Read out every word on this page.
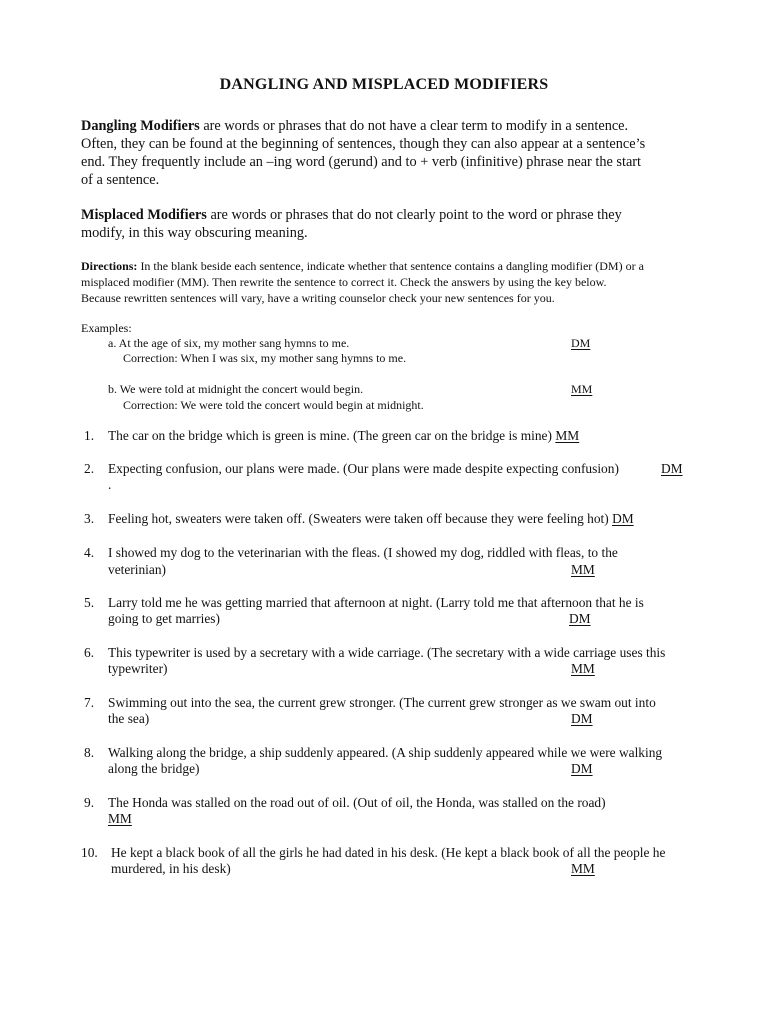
DANGLING AND MISPLACED MODIFIERS
Dangling Modifiers are words or phrases that do not have a clear term to modify in a sentence.
Often, they can be found at the beginning of sentences, though they can also appear at a sentence’s
end. They frequently include an –ing word (gerund) and to + verb (infinitive) phrase near the start
of a sentence.
Misplaced Modifiers are words or phrases that do not clearly point to the word or phrase they
modify, in this way obscuring meaning.
Directions: In the blank beside each sentence, indicate whether that sentence contains a dangling modifier (DM) or a
misplaced modifier (MM). Then rewrite the sentence to correct it. Check the answers by using the key below.
Because rewritten sentences will vary, have a writing counselor check your new sentences for you.
Examples:
a. At the age of six, my mother sang hymns to me.	DM
Correction: When I was six, my mother sang hymns to me.
b. We were told at midnight the concert would begin.	MM
Correction: We were told the concert would begin at midnight.
1. The car on the bridge which is green is mine. (The green car on the bridge is mine) MM
2. Expecting confusion, our plans were made. (Our plans were made despite expecting confusion)	DM
.
3. Feeling hot, sweaters were taken off. (Sweaters were taken off because they were feeling hot) DM
4. I showed my dog to the veterinarian with the fleas. (I showed my dog, riddled with fleas, to the
veterinian)	MM
5. Larry told me he was getting married that afternoon at night. (Larry told me that afternoon that he is
going to get marries)	DM
6. This typewriter is used by a secretary with a wide carriage. (The secretary with a wide carriage uses this
typewriter)	MM
7. Swimming out into the sea, the current grew stronger. (The current grew stronger as we swam out into
the sea)	DM
8. Walking along the bridge, a ship suddenly appeared. (A ship suddenly appeared while we were walking
along the bridge)	DM
9. The Honda was stalled on the road out of oil. (Out of oil, the Honda, was stalled on the road)
MM
10. He kept a black book of all the girls he had dated in his desk. (He kept a black book of all the people he
murdered, in his desk)	MM
